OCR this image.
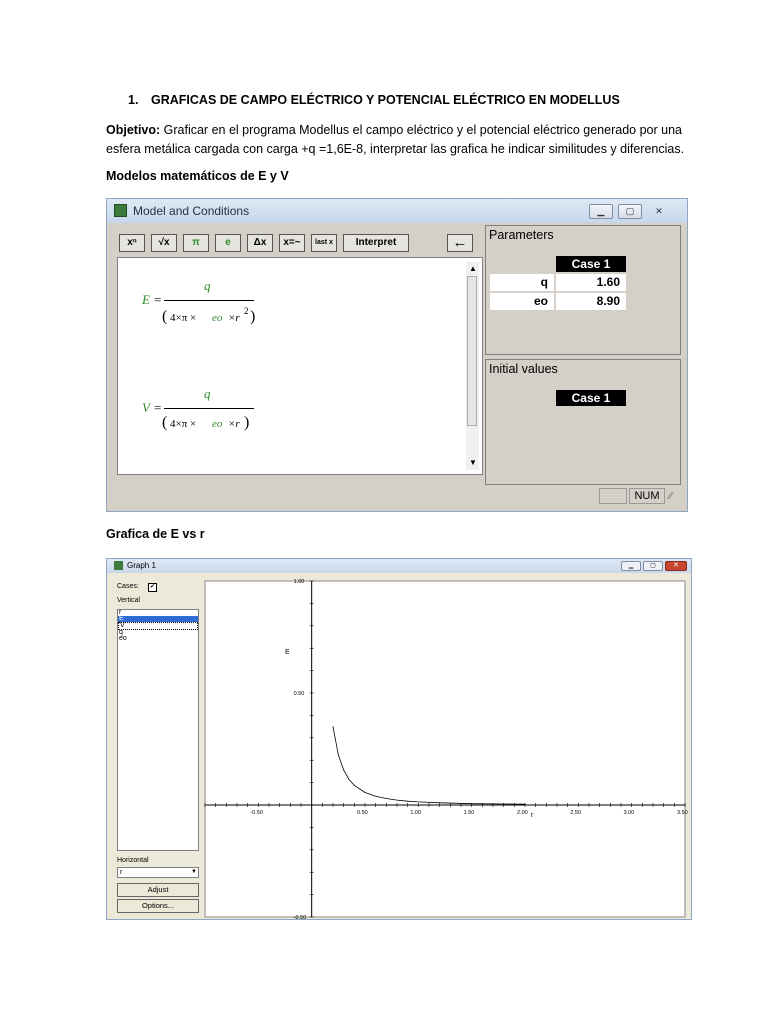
1. GRAFICAS DE CAMPO ELÉCTRICO Y POTENCIAL ELÉCTRICO EN MODELLUS
Objetivo: Graficar en el programa Modellus el campo eléctrico y el potencial eléctrico generado por una
esfera metálica cargada con carga +q =1,6E-8, interpretar las grafica he indicar similitudes y diferencias.
Modelos matemáticos de E y V
Model and Conditions	▁	▢	✕
xⁿ	√x	π	e	Δx	x=~	last x	Interpret	←
E =
q
( 4×π × eo ×r
2 )
V =
q
( 4×π × eo ×r )
▲
▼
Parameters
Case 1
q	1.60
eo	8.90
Initial values
Case 1
NUM ⁄⁄
Grafica de E vs r
Graph 1	▁	▢	✕
Cases:	✔
Vertical
r
E
V
q
eo
Horizontal
r	▼
Adjust
Options...
-0.50	0.50	1.00	1.50	2.00	2.50	3.00	3.50
1.00
0.50
-0.50
E
r
